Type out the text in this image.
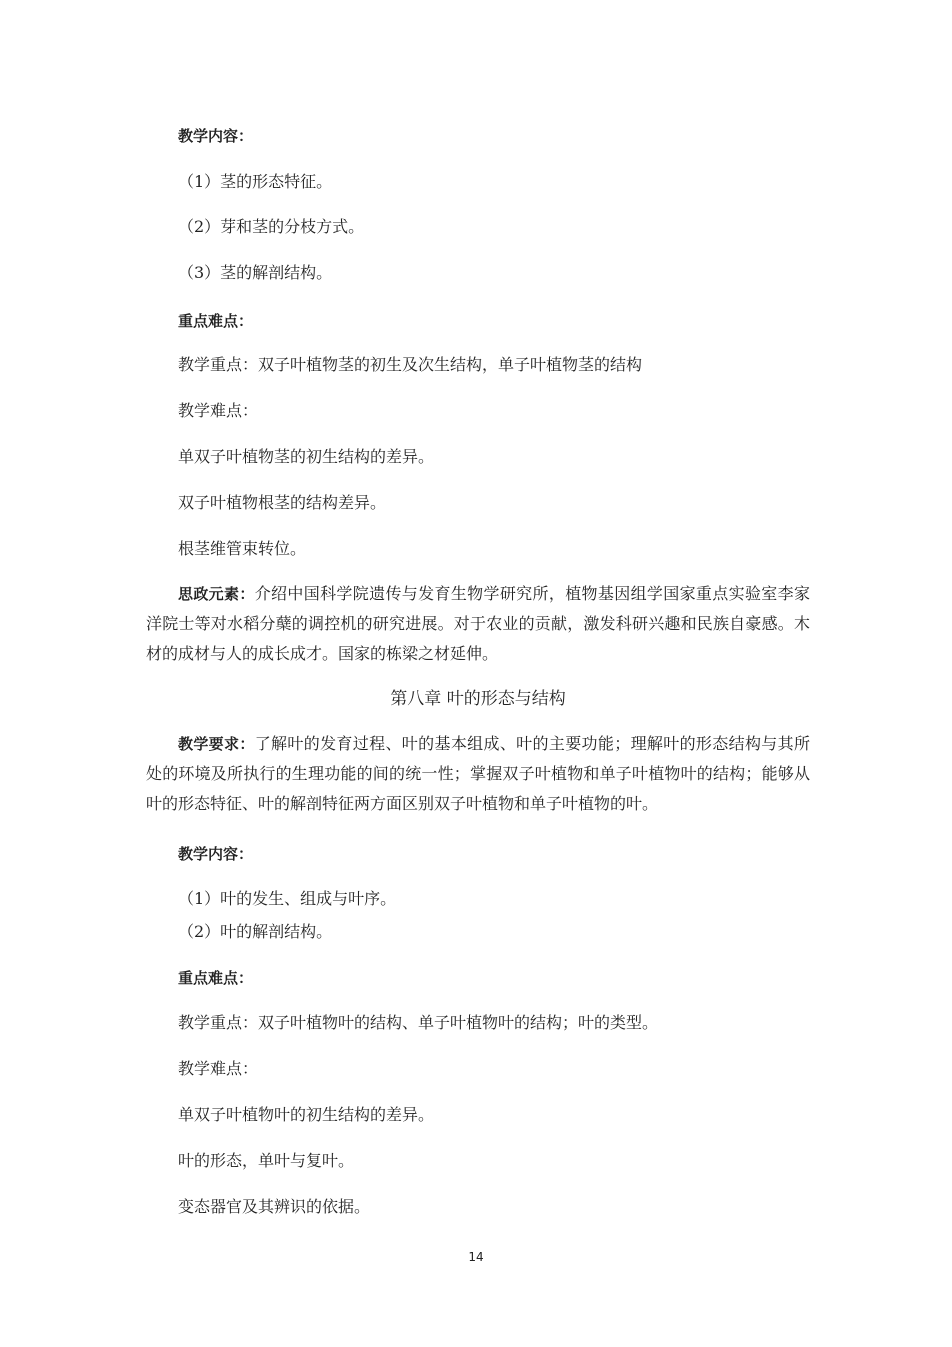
教学内容：

（1）茎的形态特征。

（2）芽和茎的分枝方式。

（3）茎的解剖结构。

重点难点：

教学重点：双子叶植物茎的初生及次生结构，单子叶植物茎的结构

教学难点：

单双子叶植物茎的初生结构的差异。

双子叶植物根茎的结构差异。

根茎维管束转位。

思政元素：介绍中国科学院遗传与发育生物学研究所，植物基因组学国家重点实验室李家洋院士等对水稻分蘖的调控机的研究进展。对于农业的贡献，激发科研兴趣和民族自豪感。木材的成材与人的成长成才。国家的栋梁之材延伸。

第八章 叶的形态与结构

教学要求：了解叶的发育过程、叶的基本组成、叶的主要功能；理解叶的形态结构与其所处的环境及所执行的生理功能的间的统一性；掌握双子叶植物和单子叶植物叶的结构；能够从叶的形态特征、叶的解剖特征两方面区别双子叶植物和单子叶植物的叶。

教学内容：

（1）叶的发生、组成与叶序。

（2）叶的解剖结构。

重点难点：

教学重点：双子叶植物叶的结构、单子叶植物叶的结构；叶的类型。

教学难点：

单双子叶植物叶的初生结构的差异。

叶的形态，单叶与复叶。

变态器官及其辨识的依据。

14
